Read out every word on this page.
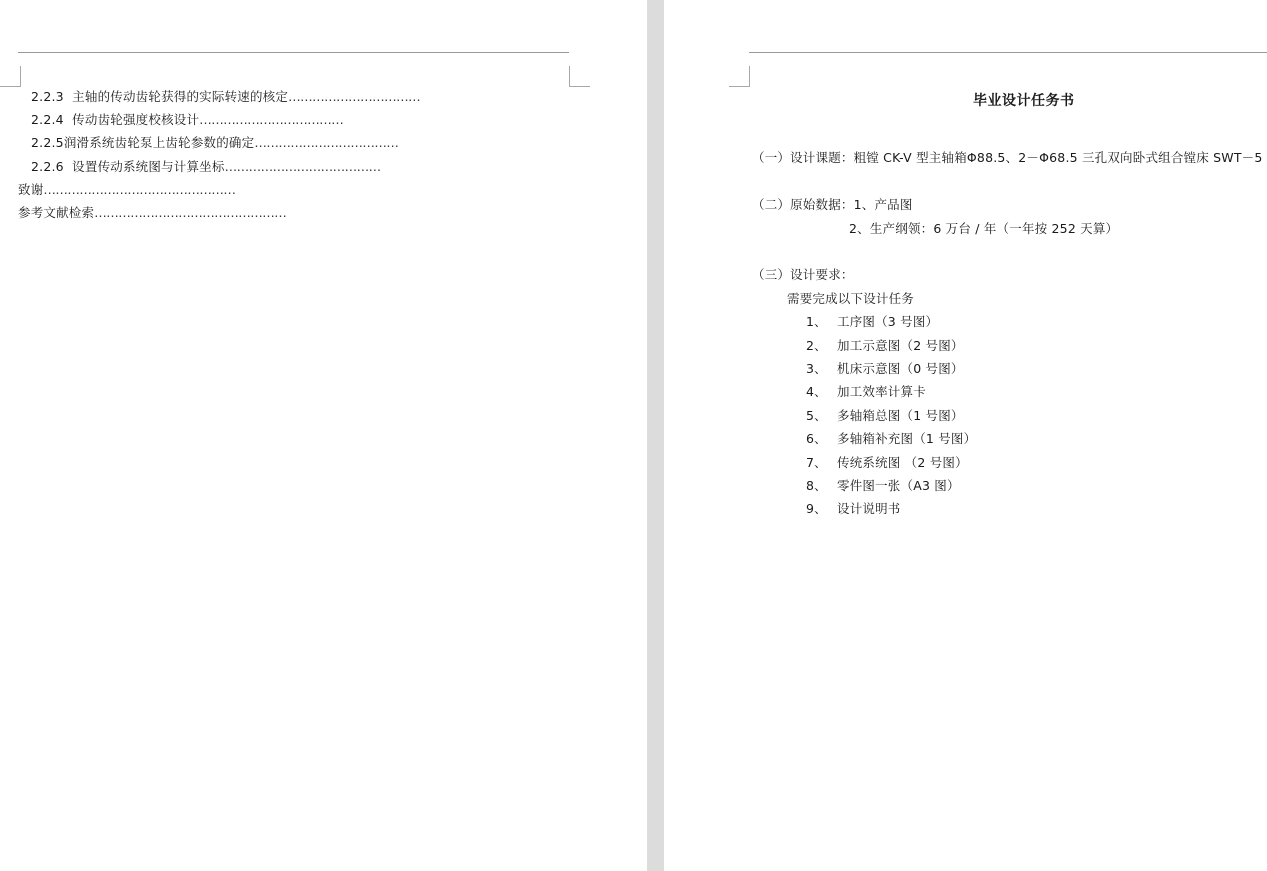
2.2.3 主轴的传动齿轮获得的实际转速的核定……………………………
2.2.4 传动齿轮强度校核设计………………………………
2.2.5润滑系统齿轮泵上齿轮参数的确定………………………………
2.2.6 设置传动系统图与计算坐标…………………………………
致谢…………………………………………
参考文献检索…………………………………………
毕业设计任务书
（一）设计课题：粗镗 CK-V 型主轴箱Φ88.5、2－Φ68.5 三孔双向卧式组合镗床 SWT－5
（二）原始数据：1、产品图
2、生产纲领：6 万台 / 年（一年按 252 天算）
（三）设计要求：
需要完成以下设计任务
1、 工序图（3 号图）
2、 加工示意图（2 号图）
3、 机床示意图（0 号图）
4、 加工效率计算卡
5、 多轴箱总图（1 号图）
6、 多轴箱补充图（1 号图）
7、 传统系统图 （2 号图）
8、 零件图一张（A3 图）
9、 设计说明书
